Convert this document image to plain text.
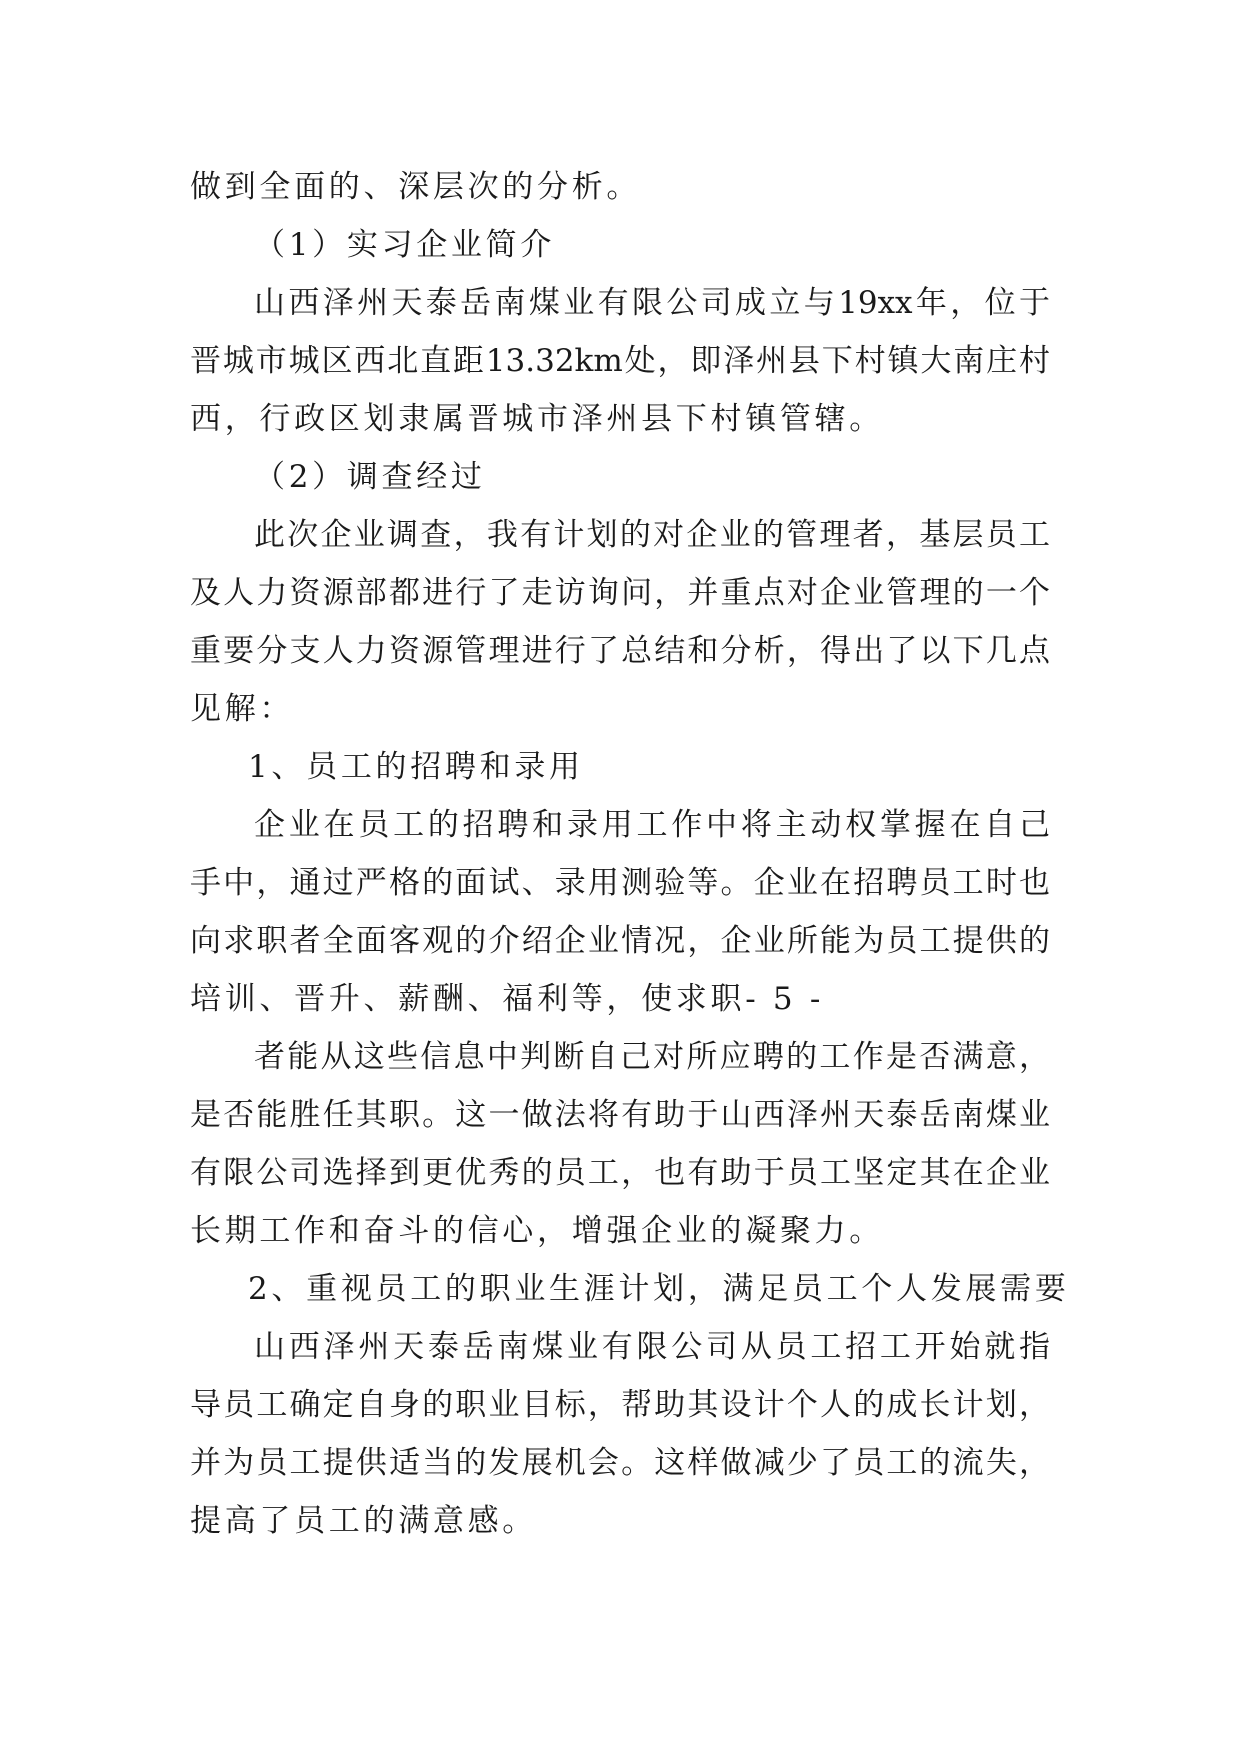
做到全面的、深层次的分析。
（1）实习企业简介
山西泽州天泰岳南煤业有限公司成立与19xx年，位于
晋城市城区西北直距13.32km处，即泽州县下村镇大南庄村
西，行政区划隶属晋城市泽州县下村镇管辖。
（2）调查经过
此次企业调查，我有计划的对企业的管理者，基层员工
及人力资源部都进行了走访询问，并重点对企业管理的一个
重要分支人力资源管理进行了总结和分析，得出了以下几点
见解：
1、员工的招聘和录用
企业在员工的招聘和录用工作中将主动权掌握在自己
手中，通过严格的面试、录用测验等。企业在招聘员工时也
向求职者全面客观的介绍企业情况，企业所能为员工提供的
培训、晋升、薪酬、福利等，使求职- 5 -
者能从这些信息中判断自己对所应聘的工作是否满意，
是否能胜任其职。这一做法将有助于山西泽州天泰岳南煤业
有限公司选择到更优秀的员工，也有助于员工坚定其在企业
长期工作和奋斗的信心，增强企业的凝聚力。
2、重视员工的职业生涯计划，满足员工个人发展需要
山西泽州天泰岳南煤业有限公司从员工招工开始就指
导员工确定自身的职业目标，帮助其设计个人的成长计划，
并为员工提供适当的发展机会。这样做减少了员工的流失，
提高了员工的满意感。
